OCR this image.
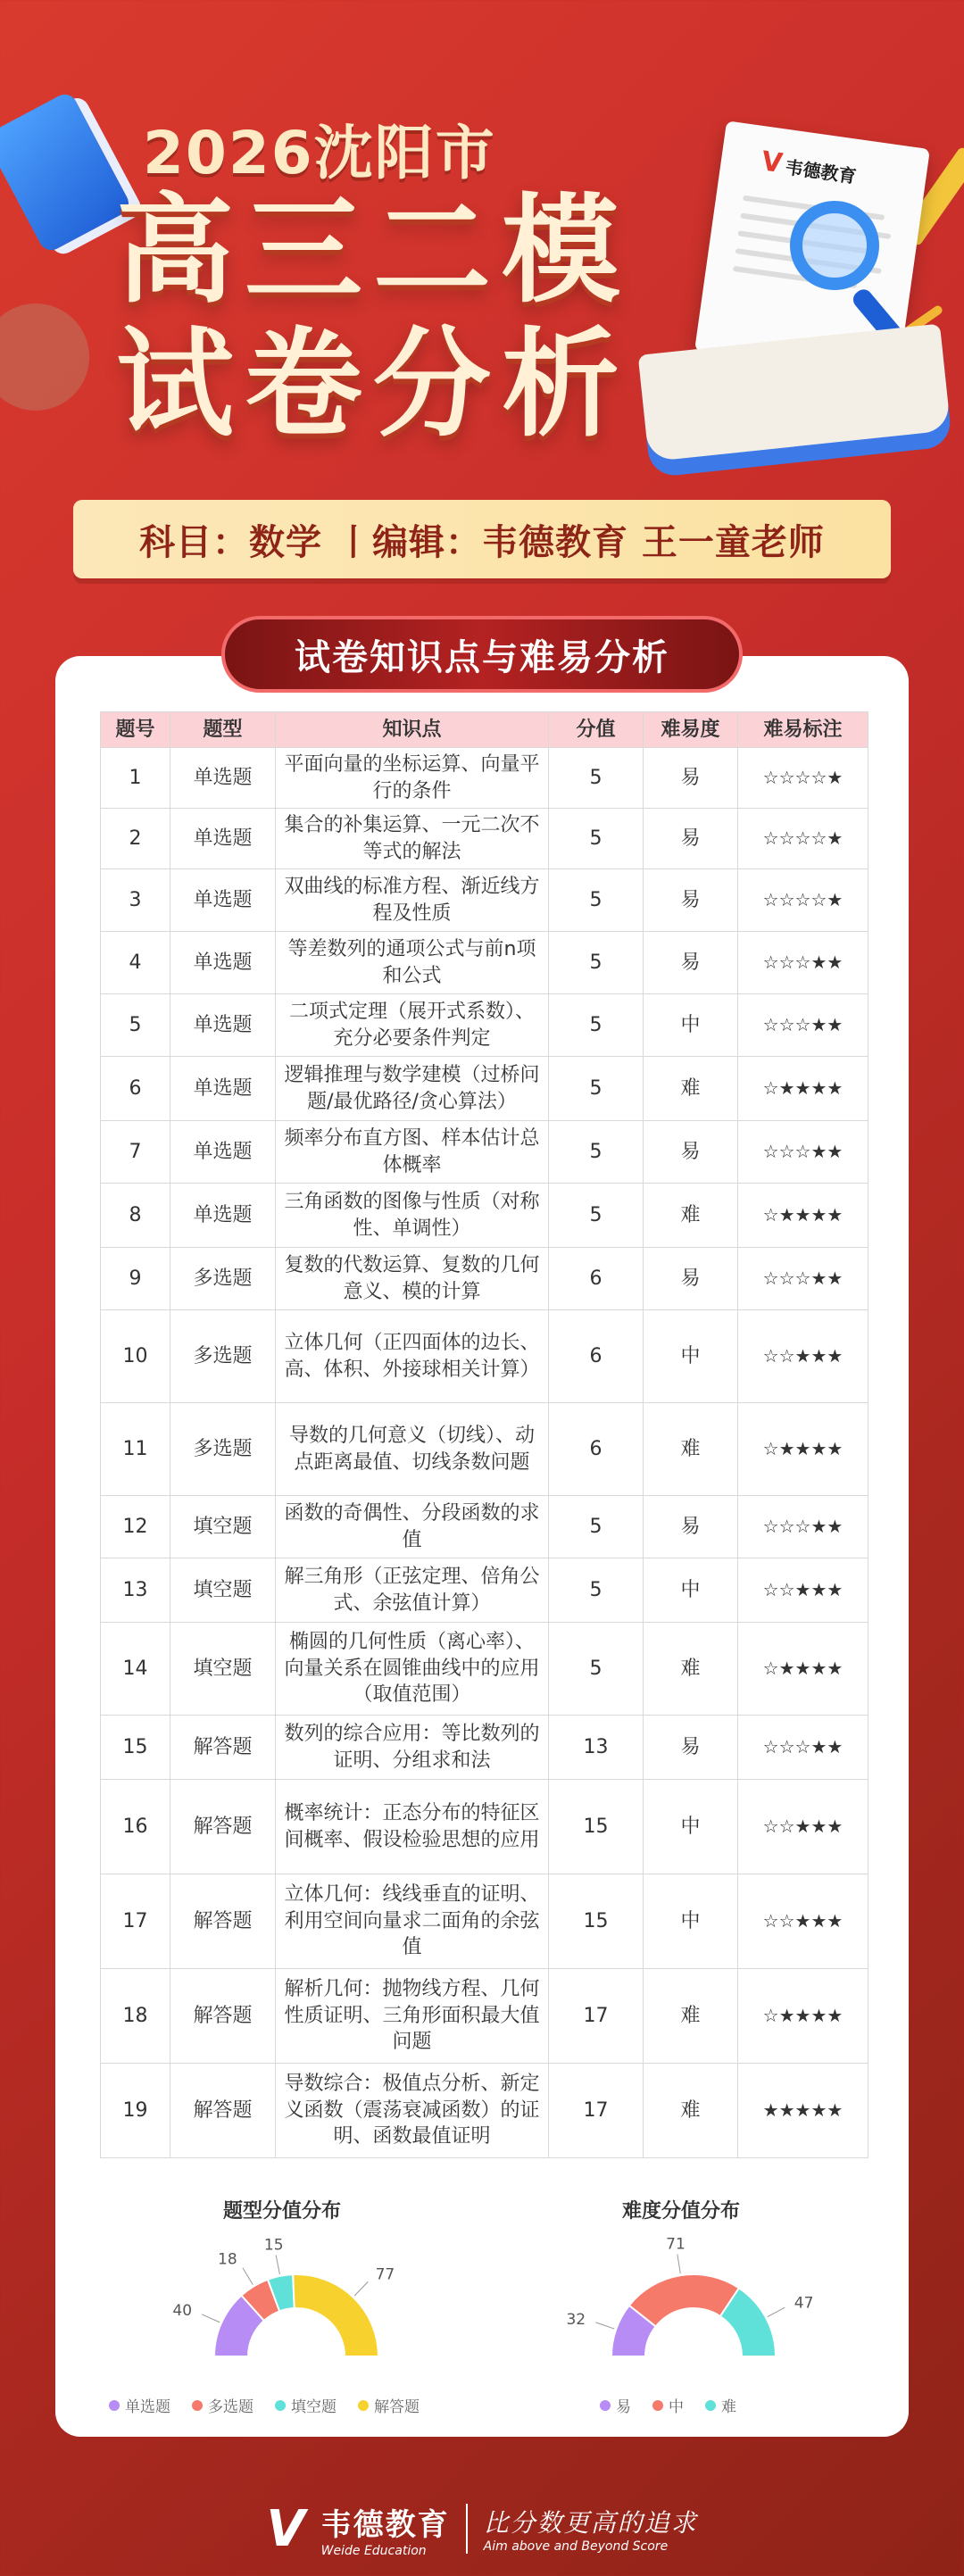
V韦德教育
2026沈阳市
高三二模
试卷分析
科目：数学 丨编辑：韦德教育 王一童老师
试卷知识点与难易分析
题号	题型	知识点	分值	难易度	难易标注
1	单选题	平面向量的坐标运算、向量平行的条件	5	易	☆☆☆☆★
2	单选题	集合的补集运算、一元二次不等式的解法	5	易	☆☆☆☆★
3	单选题	双曲线的标准方程、渐近线方程及性质	5	易	☆☆☆☆★
4	单选题	等差数列的通项公式与前n项和公式	5	易	☆☆☆★★
5	单选题	二项式定理（展开式系数）、充分必要条件判定	5	中	☆☆☆★★
6	单选题	逻辑推理与数学建模（过桥问题/最优路径/贪心算法）	5	难	☆★★★★
7	单选题	频率分布直方图、样本估计总体概率	5	易	☆☆☆★★
8	单选题	三角函数的图像与性质（对称性、单调性）	5	难	☆★★★★
9	多选题	复数的代数运算、复数的几何意义、模的计算	6	易	☆☆☆★★
10	多选题	立体几何（正四面体的边长、高、体积、外接球相关计算）	6	中	☆☆★★★
11	多选题	导数的几何意义（切线）、动点距离最值、切线条数问题	6	难	☆★★★★
12	填空题	函数的奇偶性、分段函数的求值	5	易	☆☆☆★★
13	填空题	解三角形（正弦定理、倍角公式、余弦值计算）	5	中	☆☆★★★
14	填空题	椭圆的几何性质（离心率）、向量关系在圆锥曲线中的应用（取值范围）	5	难	☆★★★★
15	解答题	数列的综合应用：等比数列的证明、分组求和法	13	易	☆☆☆★★
16	解答题	概率统计：正态分布的特征区间概率、假设检验思想的应用	15	中	☆☆★★★
17	解答题	立体几何：线线垂直的证明、利用空间向量求二面角的余弦值	15	中	☆☆★★★
18	解答题	解析几何：抛物线方程、几何性质证明、三角形面积最大值问题	17	难	☆★★★★
19	解答题	导数综合：极值点分析、新定义函数（震荡衰减函数）的证明、函数最值证明	17	难	★★★★★
题型分值分布	难度分值分布
40
18
15
77
32
71
47
单选题 多选题 填空题 解答题	易 中 难
V 韦德教育
Weide Education
比分数更高的追求
Aim above and Beyond Score
